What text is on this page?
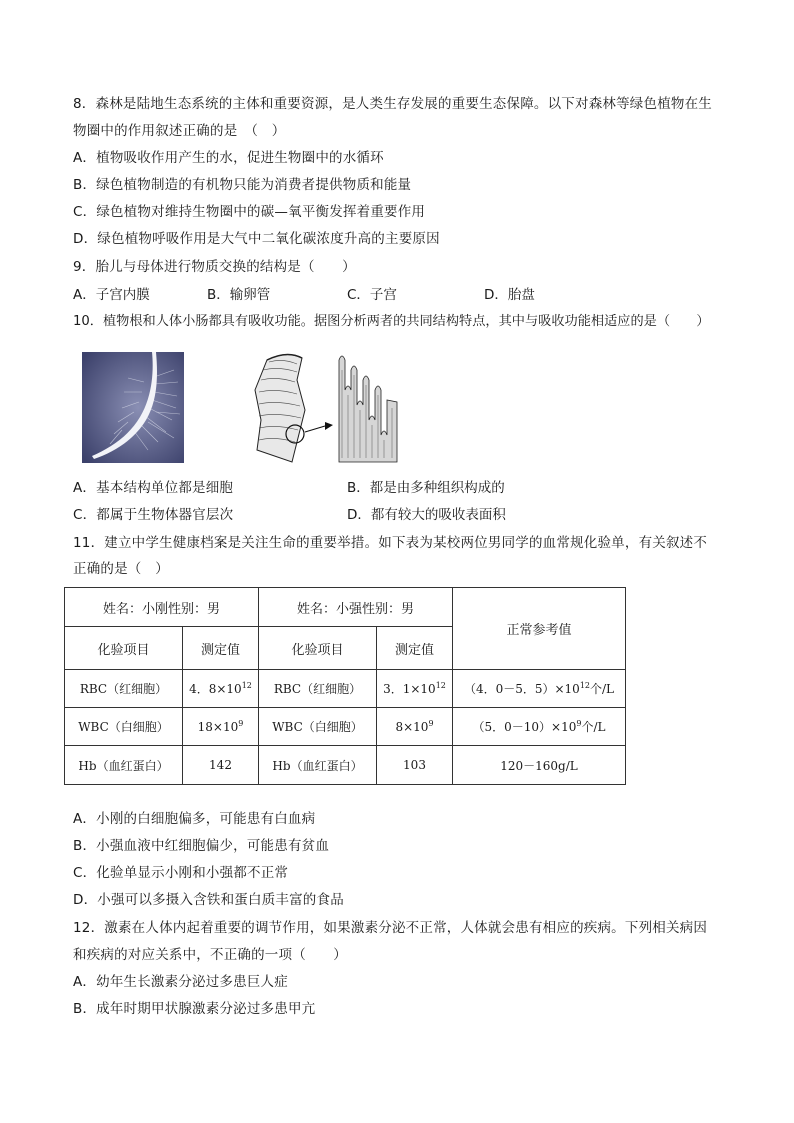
8．森林是陆地生态系统的主体和重要资源，是人类生存发展的重要生态保障。以下对森林等绿色植物在生
物圈中的作用叙述正确的是　（　）
A．植物吸收作用产生的水，促进生物圈中的水循环
B．绿色植物制造的有机物只能为消费者提供物质和能量
C．绿色植物对维持生物圈中的碳—氧平衡发挥着重要作用
D．绿色植物呼吸作用是大气中二氧化碳浓度升高的主要原因
9．胎儿与母体进行物质交换的结构是（　　）
A．子宫内膜	B．输卵管	C．子宫	D．胎盘
10．植物根和人体小肠都具有吸收功能。据图分析两者的共同结构特点，其中与吸收功能相适应的是（　　）
A．基本结构单位都是细胞	B．都是由多种组织构成的
C．都属于生物体器官层次	D．都有较大的吸收表面积
11．建立中学生健康档案是关注生命的重要举措。如下表为某校两位男同学的血常规化验单，有关叙述不
正确的是（　）
姓名：小刚性别：男		姓名：小强性别：男		正常参考值
化验项目	测定值	化验项目	测定值	
RBC（红细胞）	4．$8\times 10^{12}$	RBC（红细胞）	3．$1\times 10^{12}$	（4．0－5．$5)\times 10^{12}$个/L
WBC（白细胞）	$18\times 10^9$	WBC（白细胞）	$8\times 10^9$	（5．$0-10)\times 10^9$个/L
Hb（血红蛋白）	142	Hb（血红蛋白）	103	120－160g/L
A．小刚的白细胞偏多，可能患有白血病
B．小强血液中红细胞偏少，可能患有贫血
C．化验单显示小刚和小强都不正常
D．小强可以多摄入含铁和蛋白质丰富的食品
12．激素在人体内起着重要的调节作用，如果激素分泌不正常，人体就会患有相应的疾病。下列相关病因
和疾病的对应关系中，不正确的一项（　　）
A．幼年生长激素分泌过多患巨人症
B．成年时期甲状腺激素分泌过多患甲亢
